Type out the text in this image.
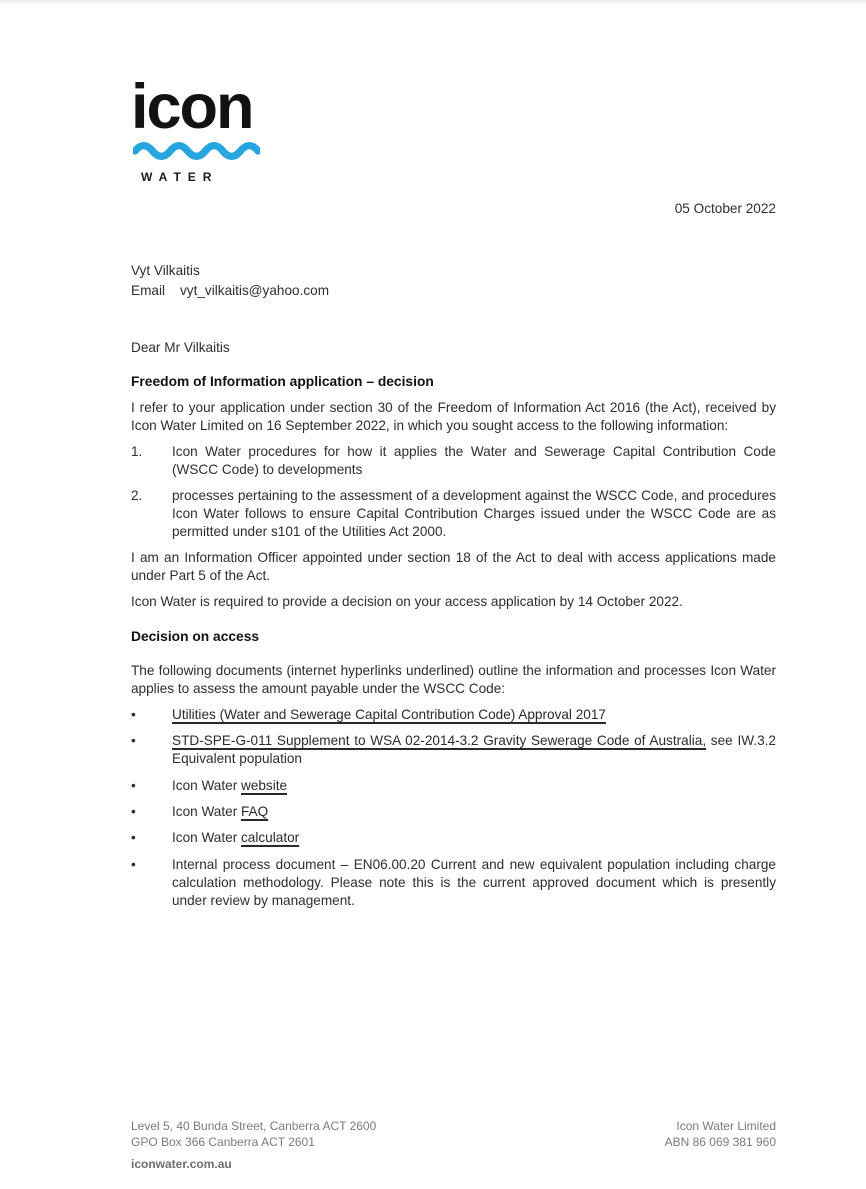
icon
WATER
05 October 2022
Vyt Vilkaitis
Email vyt_vilkaitis@yahoo.com

Dear Mr Vilkaitis

Freedom of Information application – decision

I refer to your application under section 30 of the Freedom of Information Act 2016 (the Act), received by Icon Water Limited on 16 September 2022, in which you sought access to the following information:

1.	Icon Water procedures for how it applies the Water and Sewerage Capital Contribution Code (WSCC Code) to developments
2.	processes pertaining to the assessment of a development against the WSCC Code, and procedures Icon Water follows to ensure Capital Contribution Charges issued under the WSCC Code are as permitted under s101 of the Utilities Act 2000.

I am an Information Officer appointed under section 18 of the Act to deal with access applications made under Part 5 of the Act.

Icon Water is required to provide a decision on your access application by 14 October 2022.

Decision on access

The following documents (internet hyperlinks underlined) outline the information and processes Icon Water applies to assess the amount payable under the WSCC Code:

•	Utilities (Water and Sewerage Capital Contribution Code) Approval 2017
•	STD-SPE-G-011 Supplement to WSA 02-2014-3.2 Gravity Sewerage Code of Australia, see IW.3.2 Equivalent population
•	Icon Water website
•	Icon Water FAQ
•	Icon Water calculator
•	Internal process document – EN06.00.20 Current and new equivalent population including charge calculation methodology. Please note this is the current approved document which is presently under review by management.
Level 5, 40 Bunda Street, Canberra ACT 2600
GPO Box 366 Canberra ACT 2601
iconwater.com.au
Icon Water Limited
ABN 86 069 381 960
